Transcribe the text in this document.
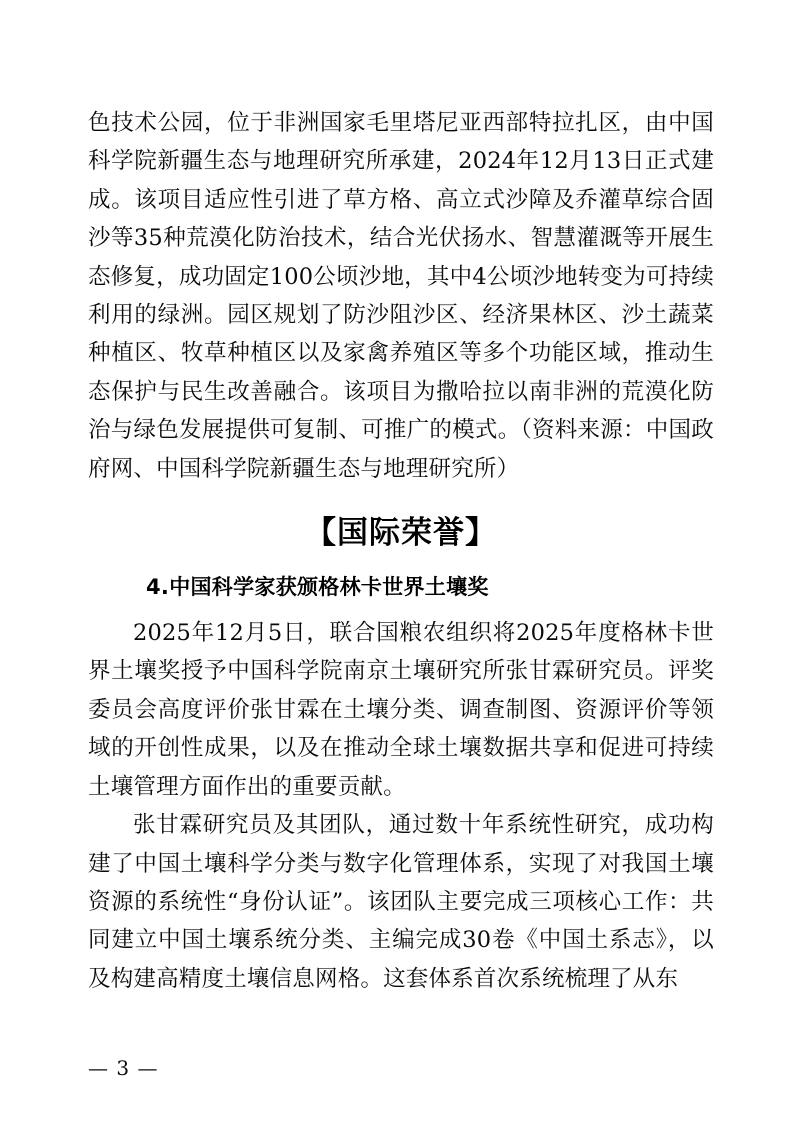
色技术公园，位于非洲国家毛里塔尼亚西部特拉扎区，由中国科学院新疆生态与地理研究所承建，2024年12月13日正式建成。该项目适应性引进了草方格、高立式沙障及乔灌草综合固沙等35种荒漠化防治技术，结合光伏扬水、智慧灌溉等开展生态修复，成功固定100公顷沙地，其中4公顷沙地转变为可持续利用的绿洲。园区规划了防沙阻沙区、经济果林区、沙土蔬菜种植区、牧草种植区以及家禽养殖区等多个功能区域，推动生态保护与民生改善融合。该项目为撒哈拉以南非洲的荒漠化防治与绿色发展提供可复制、可推广的模式。（资料来源：中国政府网、中国科学院新疆生态与地理研究所）

【国际荣誉】
4.中国科学家获颁格林卡世界土壤奖

2025年12月5日，联合国粮农组织将2025年度格林卡世界土壤奖授予中国科学院南京土壤研究所张甘霖研究员。评奖委员会高度评价张甘霖在土壤分类、调查制图、资源评价等领域的开创性成果，以及在推动全球土壤数据共享和促进可持续土壤管理方面作出的重要贡献。

张甘霖研究员及其团队，通过数十年系统性研究，成功构建了中国土壤科学分类与数字化管理体系，实现了对我国土壤资源的系统性“身份认证”。该团队主要完成三项核心工作：共同建立中国土壤系统分类、主编完成30卷《中国土系志》，以及构建高精度土壤信息网格。这套体系首次系统梳理了从东

— 3 —
